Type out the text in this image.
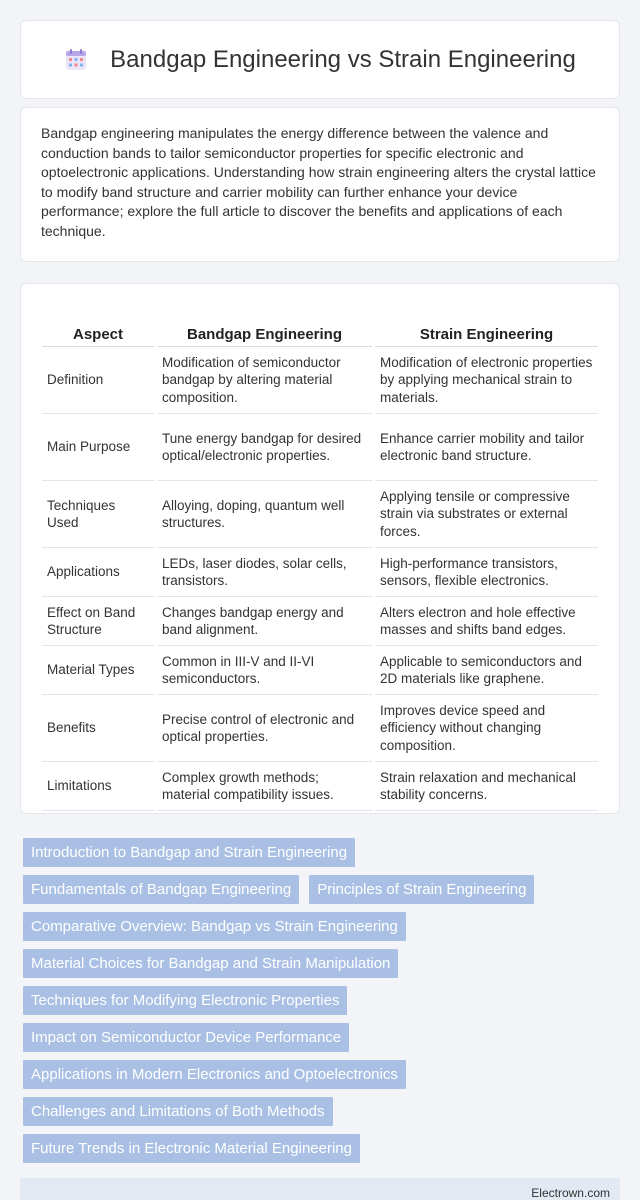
Bandgap Engineering vs Strain Engineering

Bandgap engineering manipulates the energy difference between the valence and conduction bands to tailor semiconductor properties for specific electronic and optoelectronic applications. Understanding how strain engineering alters the crystal lattice to modify band structure and carrier mobility can further enhance your device performance; explore the full article to discover the benefits and applications of each technique.

Aspect	Bandgap Engineering	Strain Engineering
Definition	Modification of semiconductor bandgap by altering material composition.	Modification of electronic properties by applying mechanical strain to materials.
Main Purpose	Tune energy bandgap for desired optical/electronic properties.	Enhance carrier mobility and tailor electronic band structure.
Techniques Used	Alloying, doping, quantum well structures.	Applying tensile or compressive strain via substrates or external forces.
Applications	LEDs, laser diodes, solar cells, transistors.	High-performance transistors, sensors, flexible electronics.
Effect on Band Structure	Changes bandgap energy and band alignment.	Alters electron and hole effective masses and shifts band edges.
Material Types	Common in III-V and II-VI semiconductors.	Applicable to semiconductors and 2D materials like graphene.
Benefits	Precise control of electronic and optical properties.	Improves device speed and efficiency without changing composition.
Limitations	Complex growth methods; material compatibility issues.	Strain relaxation and mechanical stability concerns.
Introduction to Bandgap and Strain Engineering
Fundamentals of Bandgap Engineering	Principles of Strain Engineering
Comparative Overview: Bandgap vs Strain Engineering
Material Choices for Bandgap and Strain Manipulation
Techniques for Modifying Electronic Properties
Impact on Semiconductor Device Performance
Applications in Modern Electronics and Optoelectronics
Challenges and Limitations of Both Methods
Future Trends in Electronic Material Engineering
Electrown.com
